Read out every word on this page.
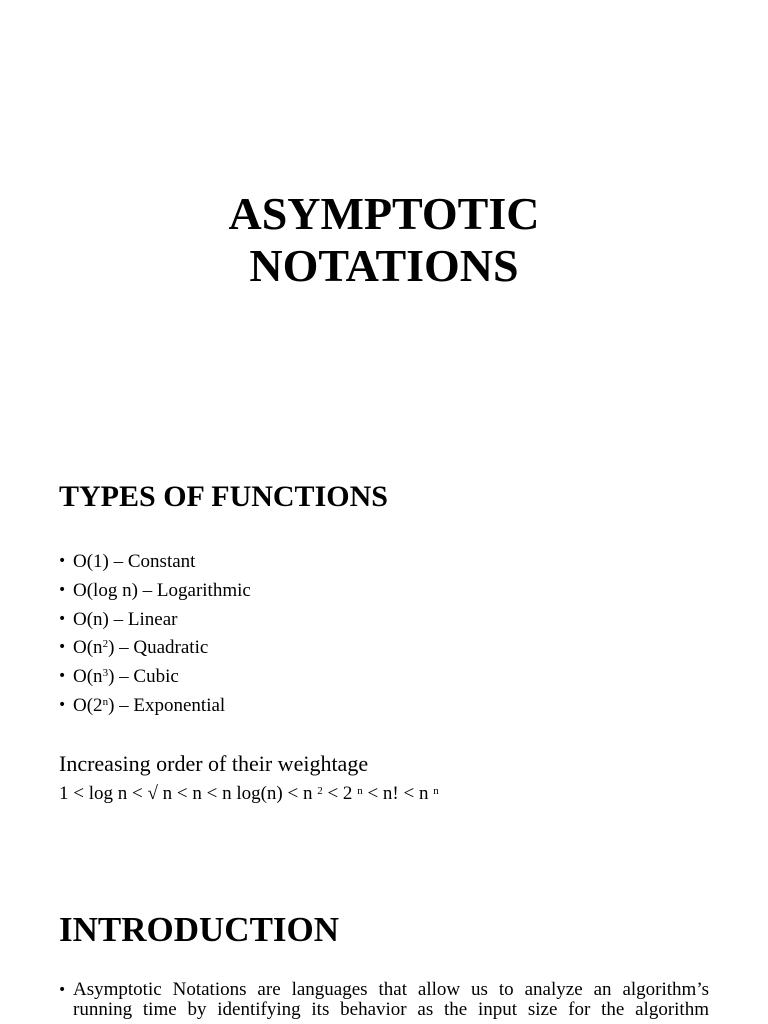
ASYMPTOTIC
NOTATIONS
TYPES OF FUNCTIONS
• O(1) – Constant
• O(log n) – Logarithmic
• O(n) – Linear
• $O(n^2)$ – Quadratic
• $O(n^3)$ – Cubic
• O(2$^n$) – Exponential

Increasing order of their weightage

1 < log n < √ n < n < n log(n) < n $^2$ < 2 $^n$ < n! < n $^n$

INTRODUCTION
• Asymptotic Notations are languages that allow us to analyze an algorithm’s running time by identifying its behavior as the input size for the algorithm
